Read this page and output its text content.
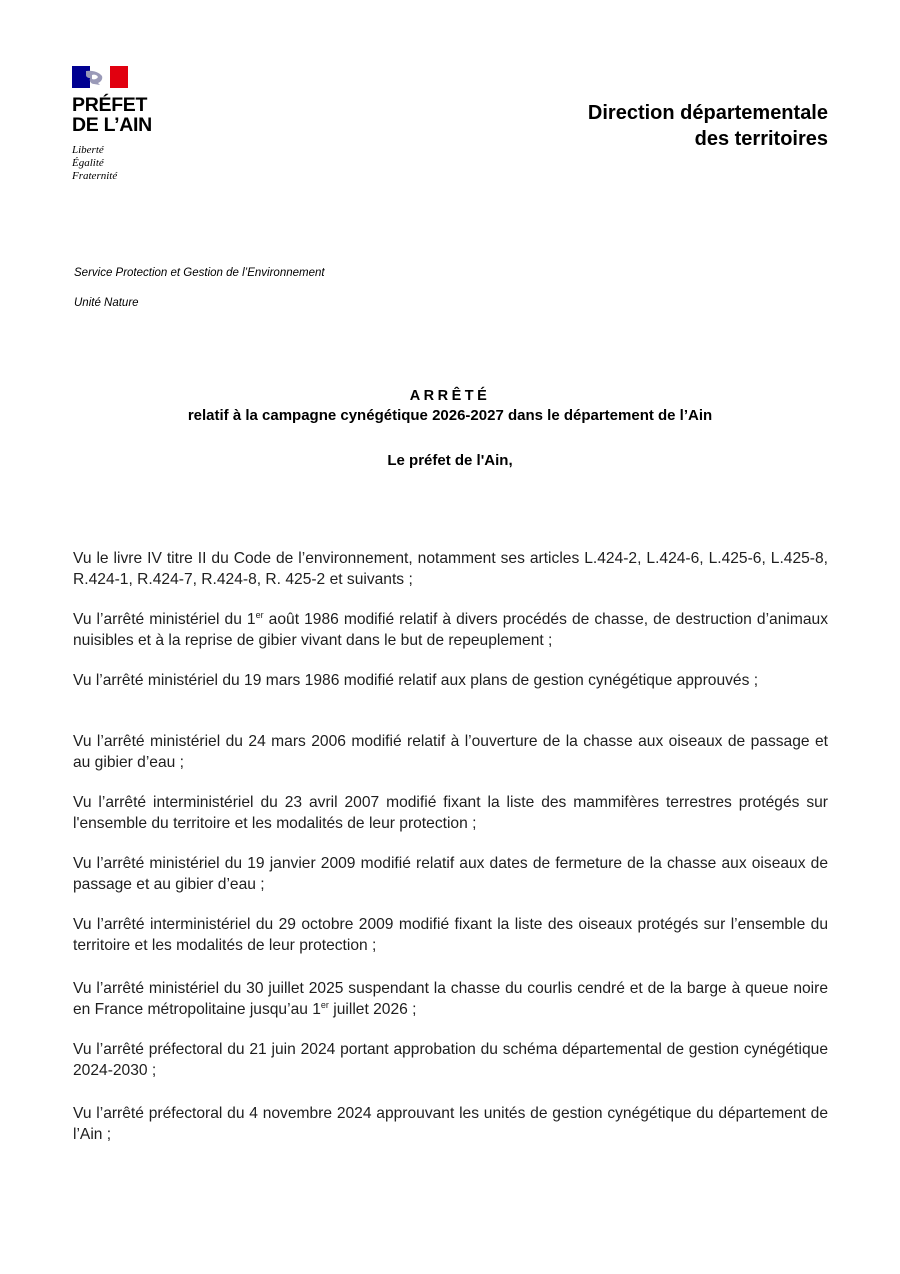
PRÉFET
DE L’AIN
Liberté
Égalité
Fraternité
Direction départementale
des territoires
Service Protection et Gestion de l’Environnement
Unité Nature
ARRÊTÉ
relatif à la campagne cynégétique 2026-2027 dans le département de l’Ain
Le préfet de l'Ain,

Vu le livre IV titre II du Code de l’environnement, notamment ses articles L.424-2, L.424-6, L.425-6, L.425-8, R.424-1, R.424-7, R.424-8, R. 425-2 et suivants ;

Vu l’arrêté ministériel du 1er août 1986 modifié relatif à divers procédés de chasse, de destruction d’animaux nuisibles et à la reprise de gibier vivant dans le but de repeuplement ;

Vu l’arrêté ministériel du 19 mars 1986 modifié relatif aux plans de gestion cynégétique approuvés ;

Vu l’arrêté ministériel du 24 mars 2006 modifié relatif à l’ouverture de la chasse aux oiseaux de passage et au gibier d’eau ;

Vu l’arrêté interministériel du 23 avril 2007 modifié fixant la liste des mammifères terrestres protégés sur l'ensemble du territoire et les modalités de leur protection ;

Vu l’arrêté ministériel du 19 janvier 2009 modifié relatif aux dates de fermeture de la chasse aux oiseaux de passage et au gibier d’eau ;

Vu l’arrêté interministériel du 29 octobre 2009 modifié fixant la liste des oiseaux protégés sur l’ensemble du territoire et les modalités de leur protection ;

Vu l’arrêté ministériel du 30 juillet 2025 suspendant la chasse du courlis cendré et de la barge à queue noire en France métropolitaine jusqu’au 1er juillet 2026 ;

Vu l’arrêté préfectoral du 21 juin 2024 portant approbation du schéma départemental de gestion cynégétique 2024-2030 ;

Vu l’arrêté préfectoral du 4 novembre 2024 approuvant les unités de gestion cynégétique du département de l’Ain ;
